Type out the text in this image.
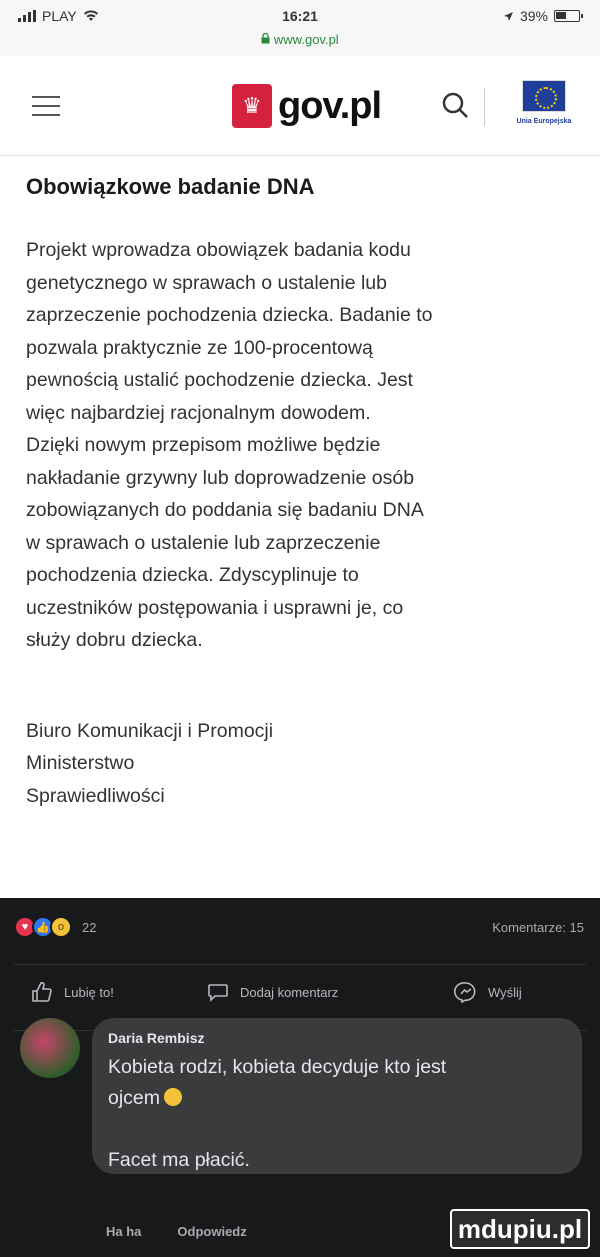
PLAY	16:21	39%
www.gov.pl
♛ gov.pl	Unia Europejska
Obowiązkowe badanie DNA
Projekt wprowadza obowiązek badania kodu
genetycznego w sprawach o ustalenie lub
zaprzeczenie pochodzenia dziecka. Badanie to
pozwala praktycznie ze 100-procentową
pewnością ustalić pochodzenie dziecka. Jest
więc najbardziej racjonalnym dowodem.
Dzięki nowym przepisom możliwe będzie
nakładanie grzywny lub doprowadzenie osób
zobowiązanych do poddania się badaniu DNA
w sprawach o ustalenie lub zaprzeczenie
pochodzenia dziecka. Zdyscyplinuje to
uczestników postępowania i usprawni je, co
służy dobru dziecka.
Biuro Komunikacji i Promocji
Ministerstwo
Sprawiedliwości
♥ 👍 o	22	Komentarze: 15
Lubię to!	Dodaj komentarz	Wyślij
Daria Rembisz
Kobieta rodzi, kobieta decyduje kto jest
ojcem
Facet ma płacić.
Ha ha	Odpowiedz	mdupiu.pl
